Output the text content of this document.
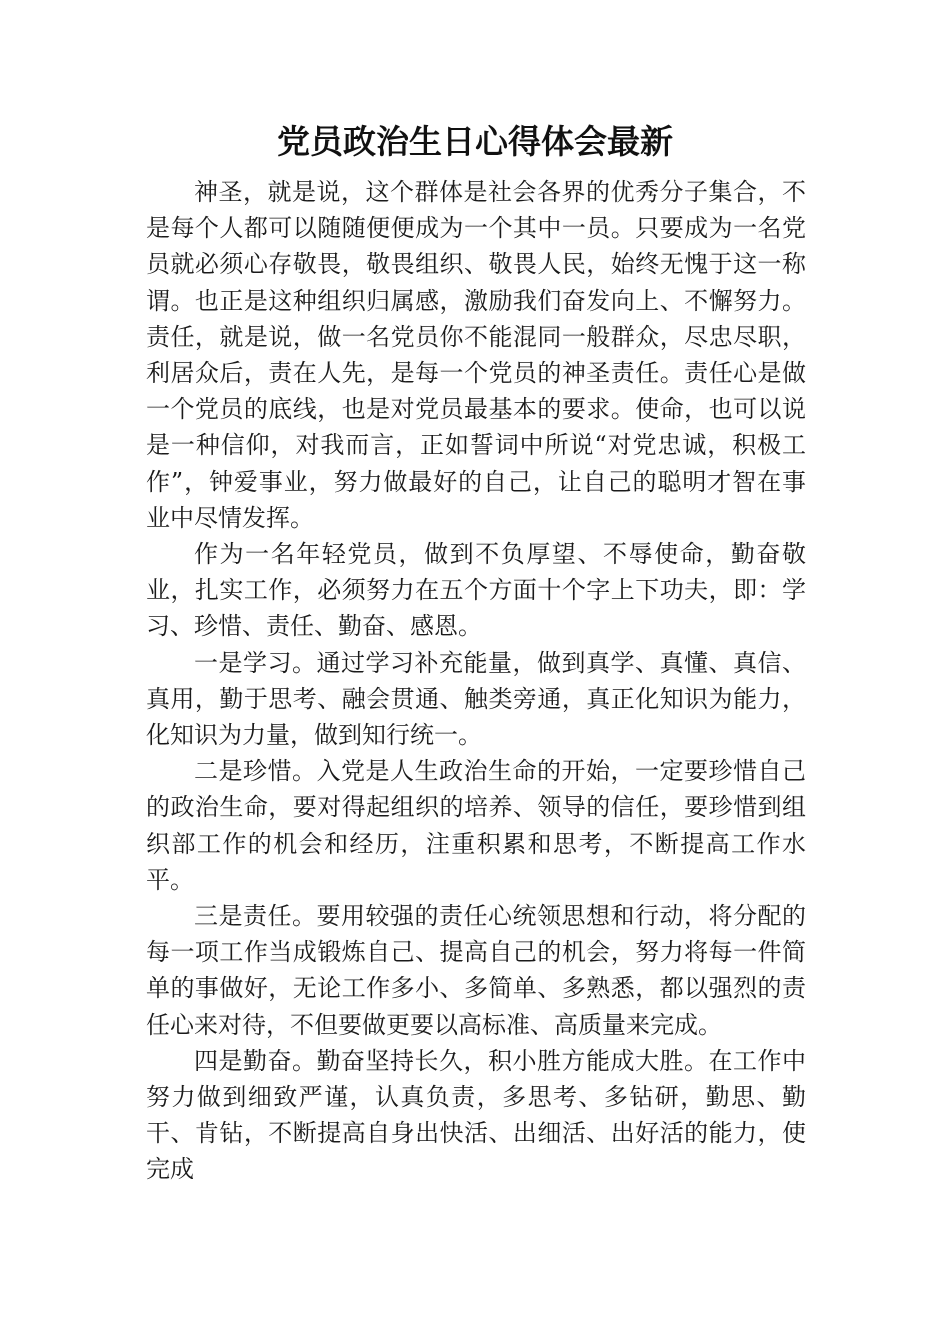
党员政治生日心得体会最新

神圣，就是说，这个群体是社会各界的优秀分子集合，不是每个人都可以随随便便成为一个其中一员。只要成为一名党员就必须心存敬畏，敬畏组织、敬畏人民，始终无愧于这一称谓。也正是这种组织归属感，激励我们奋发向上、不懈努力。责任，就是说，做一名党员你不能混同一般群众，尽忠尽职，利居众后，责在人先，是每一个党员的神圣责任。责任心是做一个党员的底线，也是对党员最基本的要求。使命，也可以说是一种信仰，对我而言，正如誓词中所说“对党忠诚，积极工作”，钟爱事业，努力做最好的自己，让自己的聪明才智在事业中尽情发挥。

作为一名年轻党员，做到不负厚望、不辱使命，勤奋敬业，扎实工作，必须努力在五个方面十个字上下功夫，即：学习、珍惜、责任、勤奋、感恩。

一是学习。通过学习补充能量，做到真学、真懂、真信、真用，勤于思考、融会贯通、触类旁通，真正化知识为能力，化知识为力量，做到知行统一。

二是珍惜。入党是人生政治生命的开始，一定要珍惜自己的政治生命，要对得起组织的培养、领导的信任，要珍惜到组织部工作的机会和经历，注重积累和思考，不断提高工作水平。

三是责任。要用较强的责任心统领思想和行动，将分配的每一项工作当成锻炼自己、提高自己的机会，努力将每一件简单的事做好，无论工作多小、多简单、多熟悉，都以强烈的责任心来对待，不但要做更要以高标准、高质量来完成。

四是勤奋。勤奋坚持长久，积小胜方能成大胜。在工作中努力做到细致严谨，认真负责，多思考、多钻研，勤思、勤干、肯钻，不断提高自身出快活、出细活、出好活的能力，使完成
